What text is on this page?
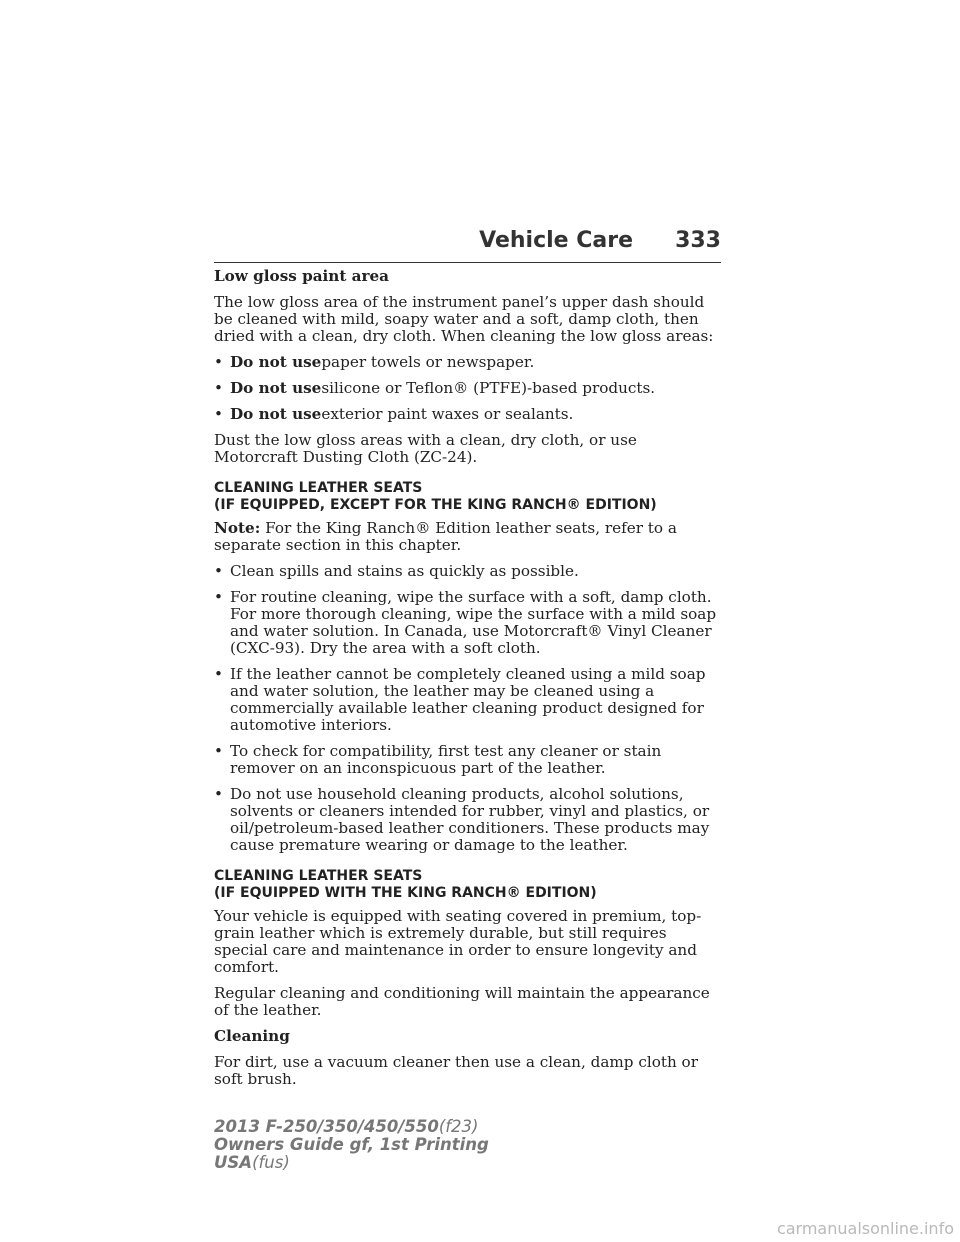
Vehicle Care 333

Low gloss paint area

The low gloss area of the instrument panel’s upper dash should be cleaned with mild, soapy water and a soft, damp cloth, then dried with a clean, dry cloth. When cleaning the low gloss areas:

• Do not usepaper towels or newspaper.
• Do not usesilicone or Teflon® (PTFE)-based products.
• Do not useexterior paint waxes or sealants.

Dust the low gloss areas with a clean, dry cloth, or use Motorcraft Dusting Cloth (ZC-24).

CLEANING LEATHER SEATS
(IF EQUIPPED, EXCEPT FOR THE KING RANCH® EDITION)

Note: For the King Ranch® Edition leather seats, refer to a separate section in this chapter.

• Clean spills and stains as quickly as possible.
• For routine cleaning, wipe the surface with a soft, damp cloth. For more thorough cleaning, wipe the surface with a mild soap and water solution. In Canada, use Motorcraft® Vinyl Cleaner (CXC-93). Dry the area with a soft cloth.
• If the leather cannot be completely cleaned using a mild soap and water solution, the leather may be cleaned using a commercially available leather cleaning product designed for automotive interiors.
• To check for compatibility, first test any cleaner or stain remover on an inconspicuous part of the leather.
• Do not use household cleaning products, alcohol solutions, solvents or cleaners intended for rubber, vinyl and plastics, or oil/petroleum-based leather conditioners. These products may cause premature wearing or damage to the leather.
CLEANING LEATHER SEATS
(IF EQUIPPED WITH THE KING RANCH® EDITION)

Your vehicle is equipped with seating covered in premium, top-grain leather which is extremely durable, but still requires special care and maintenance in order to ensure longevity and comfort.

Regular cleaning and conditioning will maintain the appearance of the leather.

Cleaning

For dirt, use a vacuum cleaner then use a clean, damp cloth or soft brush.

2013 F-250/350/450/550(f23)
Owners Guide gf, 1st Printing
USA(fus)
carmanualsonline.info
